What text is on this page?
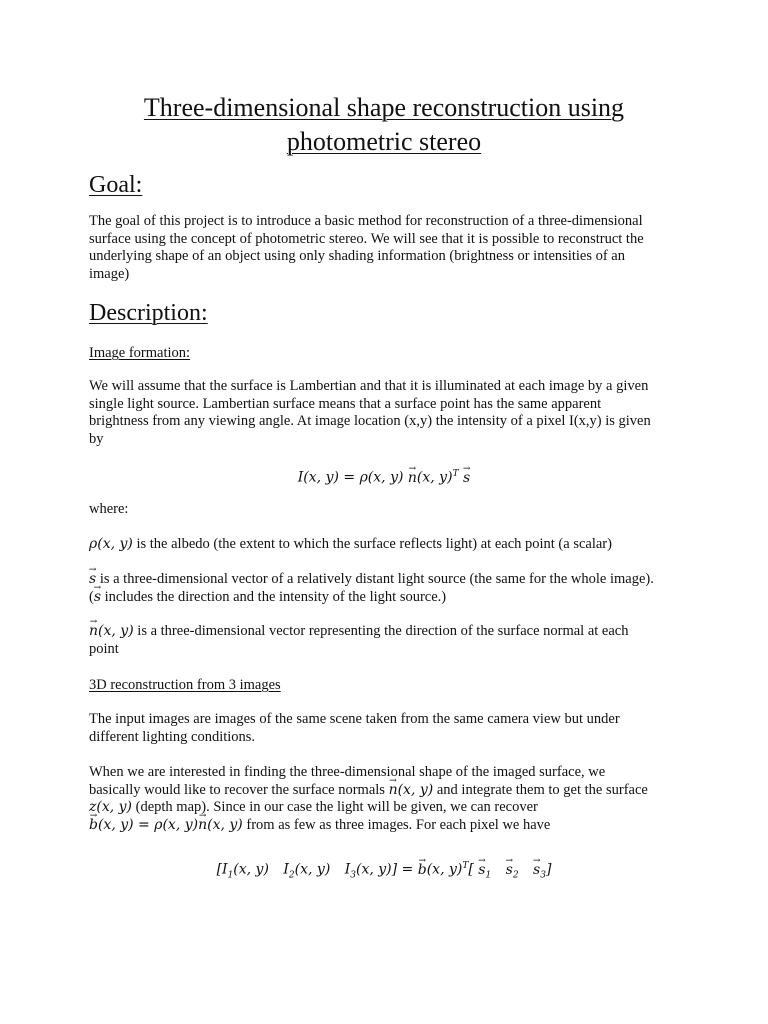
Three-dimensional shape reconstruction using
photometric stereo
Goal:
The goal of this project is to introduce a basic method for reconstruction of a three-dimensional
surface using the concept of photometric stereo. We will see that it is possible to reconstruct the
underlying shape of an object using only shading information (brightness or intensities of an
image)
Description:
Image formation:
We will assume that the surface is Lambertian and that it is illuminated at each image by a given
single light source. Lambertian surface means that a surface point has the same apparent
brightness from any viewing angle. At image location (x,y) the intensity of a pixel I(x,y) is given
by
I(x, y) = ρ(x, y) → n(x, y)$^T$ → s
where:
ρ(x, y) is the albedo (the extent to which the surface reflects light) at each point (a scalar)
→ s is a three-dimensional vector of a relatively distant light source (the same for the whole image).
(→ s includes the direction and the intensity of the light source.)
→ n(x, y) is a three-dimensional vector representing the direction of the surface normal at each
point
3D reconstruction from 3 images
The input images are images of the same scene taken from the same camera view but under
different lighting conditions.
When we are interested in finding the three-dimensional shape of the imaged surface, we
basically would like to recover the surface normals → n(x, y) and integrate them to get the surface
z(x, y) (depth map). Since in our case the light will be given, we can recover
→ b(x, y) = ρ(x, y)→ n(x, y) from as few as three images. For each pixel we have
[$I_1(x$, y) $I_2(x$, y) $I_3(x$, y)] = → b(x, $y)^T[ \to s_1 \to s_2 \to s_3]$
